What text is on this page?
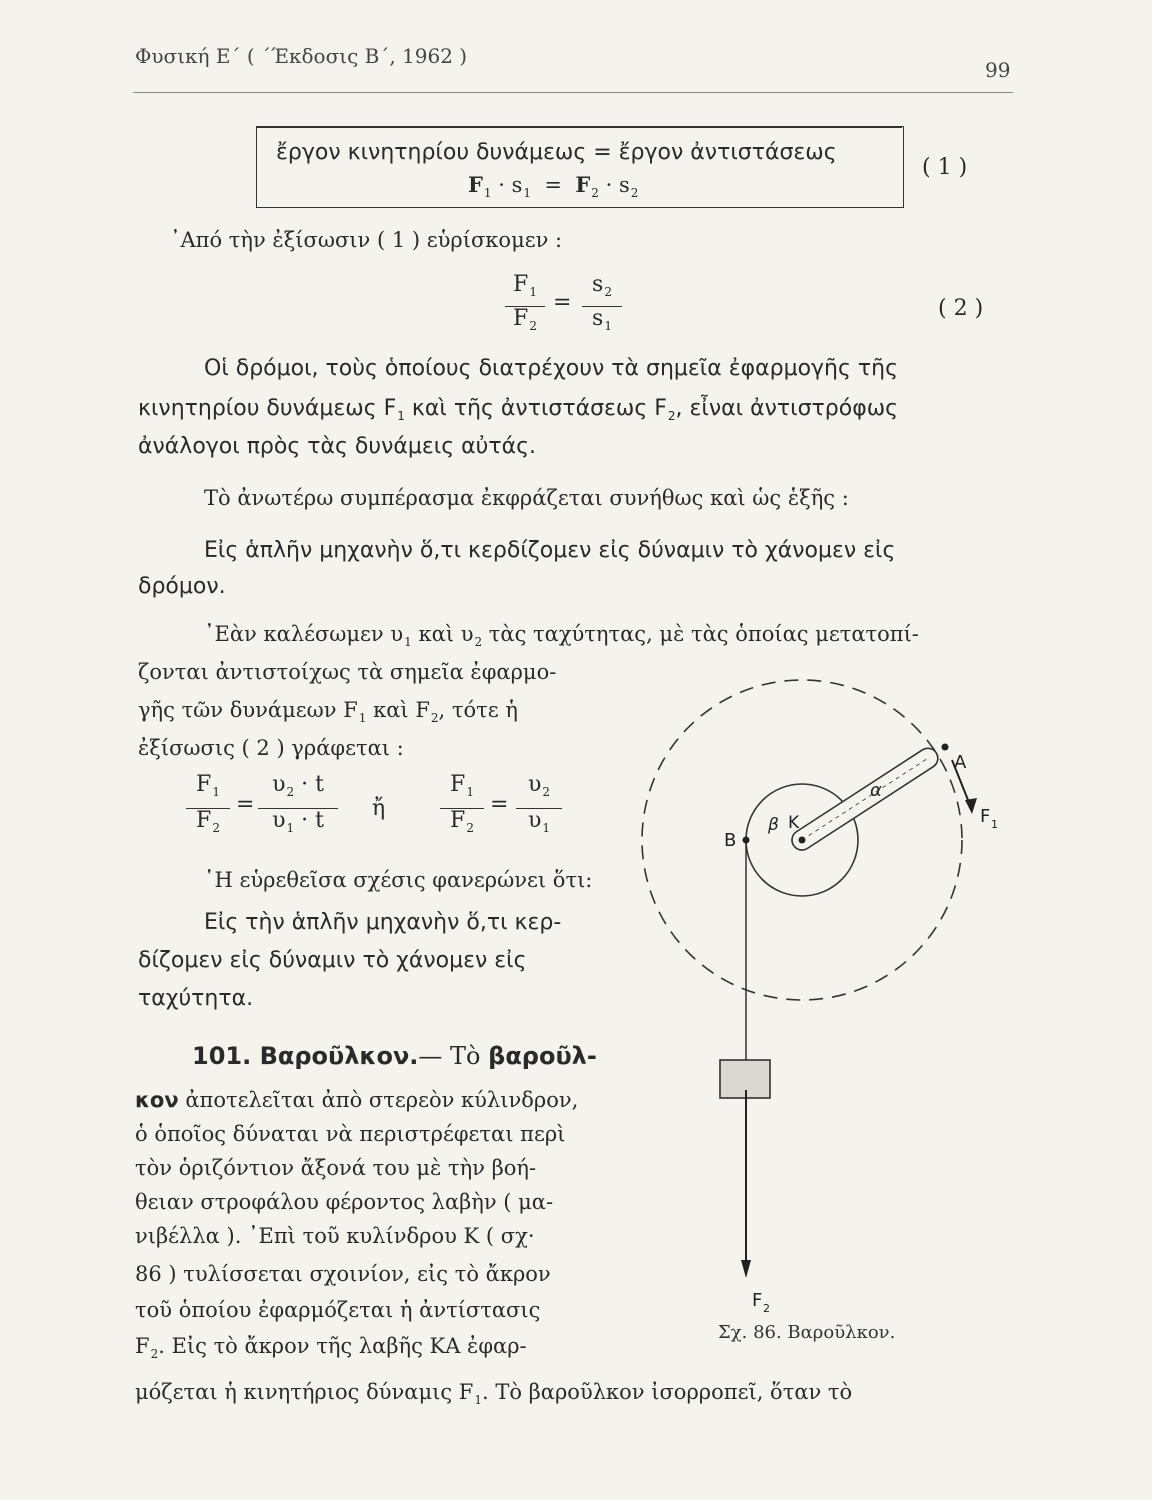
Φυσική Ε΄ ( ΄Έκδοσις Β΄, 1962 )
99
ἔργον κινητηρίου δυνάμεως = ἔργον ἀντιστάσεως
$F_1 \cdot s_1 = F_2 \cdot s_2$
( 1 )
᾿Από τὴν ἐξίσωσιν ( 1 ) εὑρίσκομεν :
$F_1$
$F_2$
=
$s_2$
$s_1$
( 2 )
Οἱ δρόμοι, τοὺς ὁποίους διατρέχουν τὰ σημεῖα ἐφαρμογῆς τῆς
κινητηρίου δυνάμεως $F_1$ καὶ τῆς ἀντιστάσεως $F_2$, εἶναι ἀντιστρόφως
ἀνάλογοι πρὸς τὰς δυνάμεις αὐτάς.
Τὸ ἀνωτέρω συμπέρασμα ἐκφράζεται συνήθως καὶ ὡς ἑξῆς :
Εἰς ἁπλῆν μηχανὴν ὅ,τι κερδίζομεν εἰς δύναμιν τὸ χάνομεν εἰς
δρόμον.
᾿Εὰν καλέσωμεν $\upsilon_1$ καὶ $\upsilon_2$ τὰς ταχύτητας, μὲ τὰς ὁποίας μετατοπί-
ζονται ἀντιστοίχως τὰ σημεῖα ἐφαρμο-
γῆς τῶν δυνάμεων $F_1$ καὶ $F_2$, τότε ἡ
ἐξίσωσις ( 2 ) γράφεται :
$F_1$
$F_2$
=
$\upsilon_2 \cdot t$
$\upsilon_1 \cdot t$	ἤ
$F_1$
$F_2$
=
$\upsilon_2$
$\upsilon_1$
῾Η εὑρεθεῖσα σχέσις φανερώνει ὅτι:
Εἰς τὴν ἁπλῆν μηχανὴν ὅ,τι κερ-
δίζομεν εἰς δύναμιν τὸ χάνομεν εἰς
ταχύτητα.
101. Βαροῦλκον.— Τὸ βαροῦλ-
κον ἀποτελεῖται ἀπὸ στερεὸν κύλινδρον,
ὁ ὁποῖος δύναται νὰ περιστρέφεται περὶ
τὸν ὁριζόντιον ἄξονά του μὲ τὴν βοή-
θειαν στροφάλου φέροντος λαβὴν ( μα-
νιβέλλα ). ᾿Επὶ τοῦ κυλίνδρου Κ ( σχ·
86 ) τυλίσσεται σχοινίον, εἰς τὸ ἄκρον
τοῦ ὁποίου ἐφαρμόζεται ἡ ἀντίστασις
$F_2$. Εἰς τὸ ἄκρον τῆς λαβῆς ΚΑ ἐφαρ-
μόζεται ἡ κινητήριος δύναμις $F_1$. Τὸ βαροῦλκον ἰσορροπεῖ, ὅταν τὸ
A
B
K
β
α
F 1
F 2
Σχ. 86. Βαροῦλκον.
